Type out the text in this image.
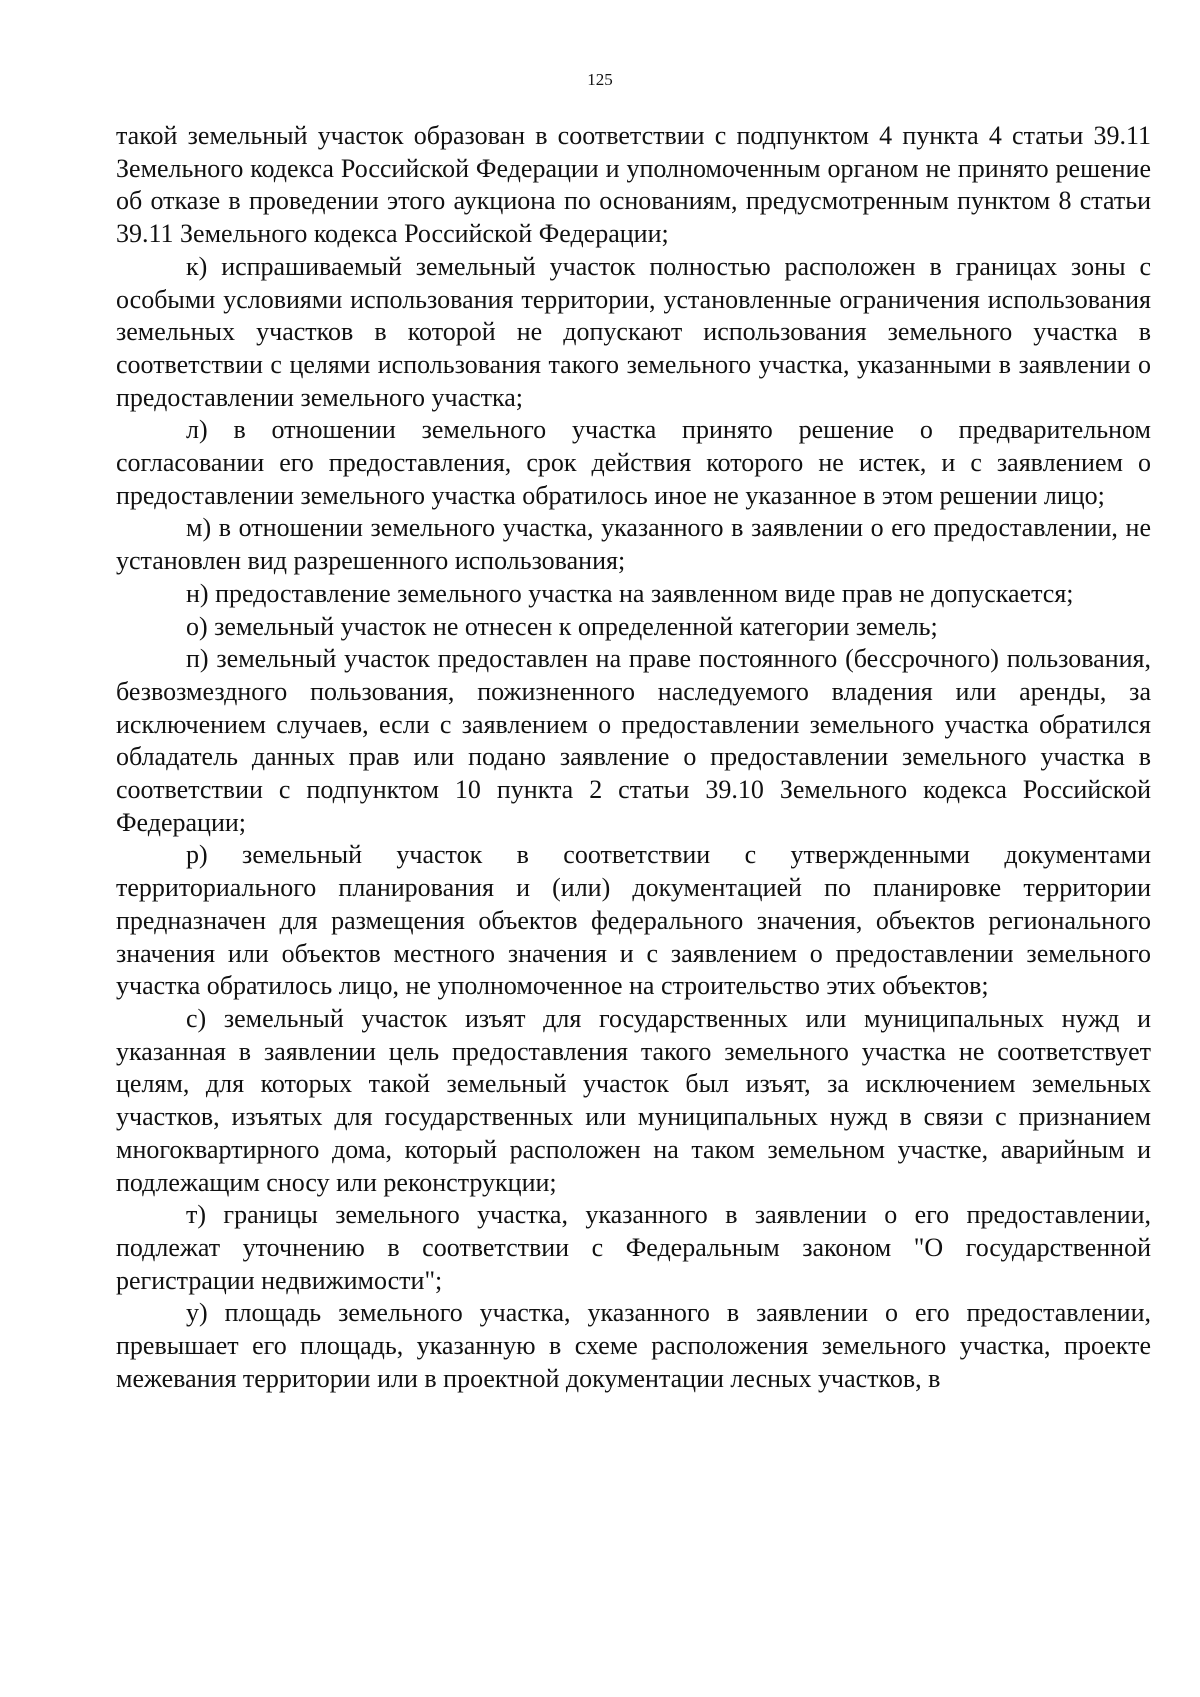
125

такой земельный участок образован в соответствии с подпунктом 4 пункта 4 статьи 39.11 Земельного кодекса Российской Федерации и уполномоченным органом не принято решение об отказе в проведении этого аукциона по основаниям, предусмотренным пунктом 8 статьи 39.11 Земельного кодекса Российской Федерации;

к) испрашиваемый земельный участок полностью расположен в границах зоны с особыми условиями использования территории, установленные ограничения использования земельных участков в которой не допускают использования земельного участка в соответствии с целями использования такого земельного участка, указанными в заявлении о предоставлении земельного участка;

л) в отношении земельного участка принято решение о предварительном согласовании его предоставления, срок действия которого не истек, и с заявлением о предоставлении земельного участка обратилось иное не указанное в этом решении лицо;

м) в отношении земельного участка, указанного в заявлении о его предоставлении, не установлен вид разрешенного использования;

н) предоставление земельного участка на заявленном виде прав не допускается;

о) земельный участок не отнесен к определенной категории земель;

п) земельный участок предоставлен на праве постоянного (бессрочного) пользования, безвозмездного пользования, пожизненного наследуемого владения или аренды, за исключением случаев, если с заявлением о предоставлении земельного участка обратился обладатель данных прав или подано заявление о предоставлении земельного участка в соответствии с подпунктом 10 пункта 2 статьи 39.10 Земельного кодекса Российской Федерации;

р) земельный участок в соответствии с утвержденными документами территориального планирования и (или) документацией по планировке территории предназначен для размещения объектов федерального значения, объектов регионального значения или объектов местного значения и с заявлением о предоставлении земельного участка обратилось лицо, не уполномоченное на строительство этих объектов;

с) земельный участок изъят для государственных или муниципальных нужд и указанная в заявлении цель предоставления такого земельного участка не соответствует целям, для которых такой земельный участок был изъят, за исключением земельных участков, изъятых для государственных или муниципальных нужд в связи с признанием многоквартирного дома, который расположен на таком земельном участке, аварийным и подлежащим сносу или реконструкции;

т) границы земельного участка, указанного в заявлении о его предоставлении, подлежат уточнению в соответствии с Федеральным законом "О государственной регистрации недвижимости";

у) площадь земельного участка, указанного в заявлении о его предоставлении, превышает его площадь, указанную в схеме расположения земельного участка, проекте межевания территории или в проектной документации лесных участков, в
